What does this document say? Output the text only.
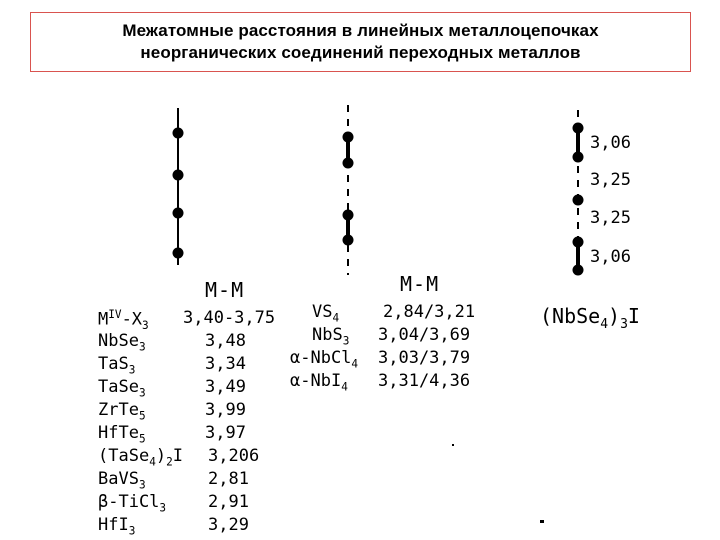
Межатомные расстояния в линейных металлоцепочках
неорганических соединений переходных металлов
3,06
3,25
3,25
3,06
M-M
$M^{IV}-X_3$
NbSe$_3$
TaS$_3$
TaSe$_3$
ZrTe$_5$
HfTe$_5$
$(TaSe_4)_2I$
BaVS$_3$
β-TiCl$_3$
HfI$_3$
3,40-3,75
3,48
3,34
3,49
3,99
3,97
3,206
2,81
2,91
3,29
M-M
$VS_4$
NbS$_3$
α-NbCl$_4$
α-NbI$_4$
2,84/3,21
3,04/3,69
3,03/3,79
3,31/4,36
$(NbSe_4)_3I$
